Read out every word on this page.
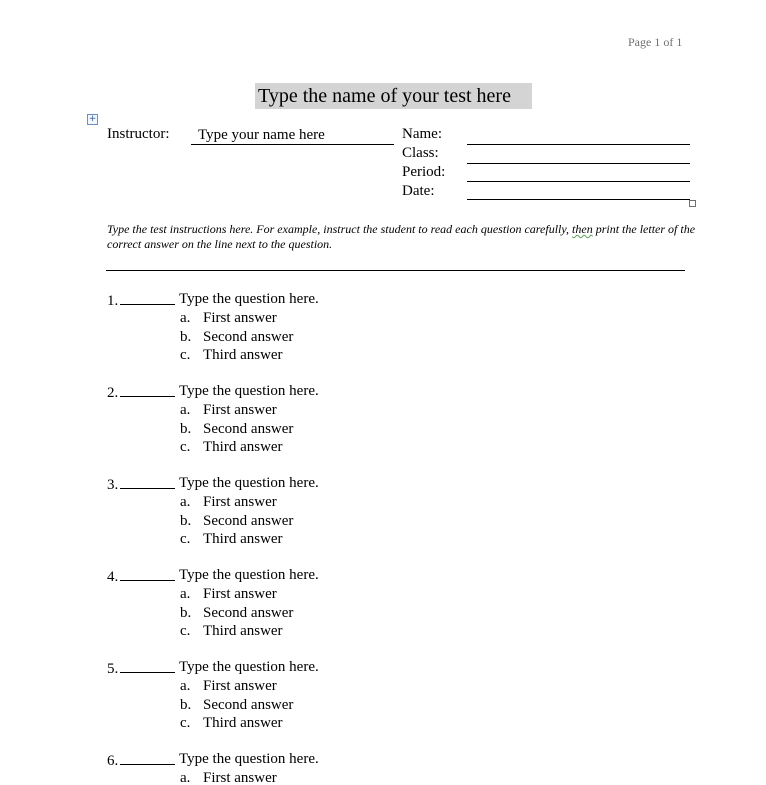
Page 1 of 1
Type the name of your test here
+
Instructor: Type your name here	Name:
Class:
Period:
Date:
Type the test instructions here. For example, instruct the student to read each question carefully, then print the letter of the correct answer on the line next to the question.
1.	Type the question here.
a. First answer
b. Second answer
c. Third answer
2.	Type the question here.
a. First answer
b. Second answer
c. Third answer
3.	Type the question here.
a. First answer
b. Second answer
c. Third answer
4.	Type the question here.
a. First answer
b. Second answer
c. Third answer
5.	Type the question here.
a. First answer
b. Second answer
c. Third answer
6.	Type the question here.
a. First answer
